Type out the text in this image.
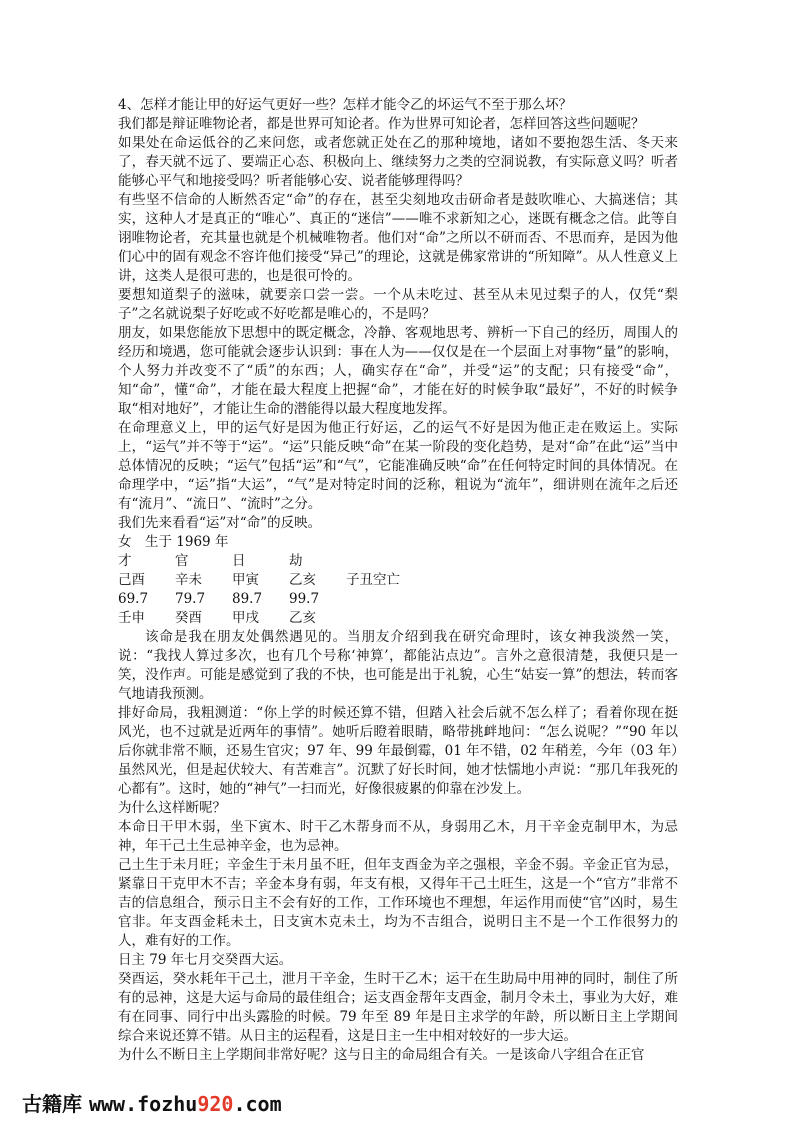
4、怎样才能让甲的好运气更好一些？怎样才能令乙的坏运气不至于那么坏？

我们都是辩证唯物论者，都是世界可知论者。作为世界可知论者，怎样回答这些问题呢？

如果处在命运低谷的乙来问您，或者您就正处在乙的那种境地，诸如不要抱怨生活、冬天来了，春天就不远了、要端正心态、积极向上、继续努力之类的空洞说教，有实际意义吗？听者能够心平气和地接受吗？听者能够心安、说者能够理得吗？

有些坚不信命的人断然否定“命”的存在，甚至尖刻地攻击研命者是鼓吹唯心、大搞迷信；其实，这种人才是真正的“唯心”、真正的“迷信”——唯不求新知之心，迷既有概念之信。此等自诩唯物论者，充其量也就是个机械唯物者。他们对“命”之所以不研而否、不思而弃，是因为他们心中的固有观念不容许他们接受“异己”的理论，这就是佛家常讲的“所知障”。从人性意义上讲，这类人是很可悲的，也是很可怜的。

要想知道梨子的滋味，就要亲口尝一尝。一个从未吃过、甚至从未见过梨子的人，仅凭“梨子”之名就说梨子好吃或不好吃都是唯心的，不是吗？

朋友，如果您能放下思想中的既定概念，冷静、客观地思考、辨析一下自己的经历，周围人的经历和境遇，您可能就会逐步认识到：事在人为——仅仅是在一个层面上对事物“量”的影响，个人努力并改变不了“质”的东西；人，确实存在“命”，并受“运”的支配；只有接受“命”，知“命”，懂“命”，才能在最大程度上把握“命”，才能在好的时候争取“最好”，不好的时候争取“相对地好”，才能让生命的潜能得以最大程度地发挥。

在命理意义上，甲的运气好是因为他正行好运，乙的运气不好是因为他正走在败运上。实际上，“运气”并不等于“运”。“运”只能反映“命”在某一阶段的变化趋势，是对“命”在此“运”当中总体情况的反映；“运气”包括“运”和“气”，它能准确反映“命”在任何特定时间的具体情况。在命理学中，“运”指“大运”，“气”是对特定时间的泛称，粗说为“流年”，细讲则在流年之后还有“流月”、“流日”、“流时”之分。

我们先来看看“运”对“命”的反映。

女　生于 1969 年
才	官	日	劫
己酉	辛未	甲寅	乙亥	子丑空亡
69.7	79.7	89.7	99.7
壬申	癸酉	甲戌	乙亥

该命是我在朋友处偶然遇见的。当朋友介绍到我在研究命理时，该女神我淡然一笑，说：“我找人算过多次，也有几个号称‘神算’，都能沾点边”。言外之意很清楚，我便只是一笑，没作声。可能是感觉到了我的不快，也可能是出于礼貌，心生“姑妄一算”的想法，转而客气地请我预测。

排好命局，我粗测道：“你上学的时候还算不错，但踏入社会后就不怎么样了；看着你现在挺风光，也不过就是近两年的事情”。她听后瞪着眼睛，略带挑衅地问：“怎么说呢？”“90 年以后你就非常不顺，还易生官灾；97 年、99 年最倒霉，01 年不错，02 年稍差，今年（03 年）虽然风光，但是起伏较大、有苦难言”。沉默了好长时间，她才怯懦地小声说：“那几年我死的心都有”。这时，她的“神气”一扫而光，好像很疲累的仰靠在沙发上。

为什么这样断呢？

本命日干甲木弱，坐下寅木、时干乙木帮身而不从，身弱用乙木，月干辛金克制甲木，为忌神，年干己土生忌神辛金，也为忌神。

己土生于未月旺；辛金生于未月虽不旺，但年支酉金为辛之强根，辛金不弱。辛金正官为忌，紧靠日干克甲木不吉；辛金本身有弱，年支有根，又得年干己土旺生，这是一个“官方”非常不吉的信息组合，预示日主不会有好的工作，工作环境也不理想，年运作用而使“官”凶时，易生官非。年支酉金耗未土，日支寅木克未土，均为不吉组合，说明日主不是一个工作很努力的人，难有好的工作。

日主 79 年七月交癸酉大运。

癸酉运，癸水耗年干己土，泄月干辛金，生时干乙木；运干在生助局中用神的同时，制住了所有的忌神，这是大运与命局的最佳组合；运支酉金帮年支酉金，制月令未土，事业为大好，难有在同事、同行中出头露脸的时候。79 年至 89 年是日主求学的年龄，所以断日主上学期间综合来说还算不错。从日主的运程看，这是日主一生中相对较好的一步大运。

为什么不断日主上学期间非常好呢？这与日主的命局组合有关。一是该命八字组合在正官

古籍库 www.fozhu920.com
